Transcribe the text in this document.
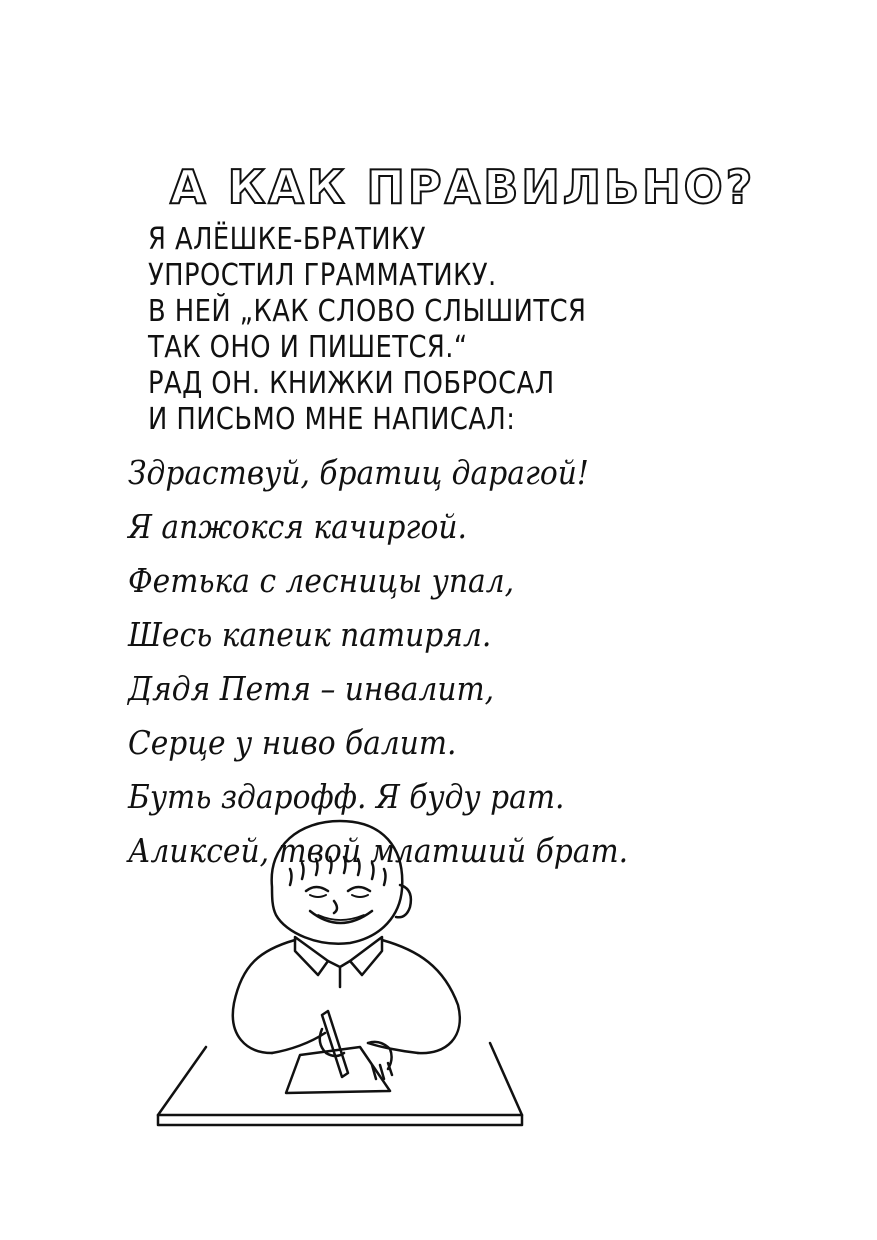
А КАК ПРАВИЛЬНО?
Я АЛЁШКЕ-БРАТИКУ
УПРОСТИЛ ГРАММАТИКУ.
В НЕЙ „КАК СЛОВО СЛЫШИТСЯ
ТАК ОНО И ПИШЕТСЯ.“
РАД ОН. КНИЖКИ ПОБРОСАЛ
И ПИСЬМО МНЕ НАПИСАЛ:
Здраствуй, братиц дарагой!
Я апжокся качиргой.
Фетька с лесницы упал,
Шесь капеик патирял.
Дядя Петя – инвалит,
Серце у ниво балит.
Буть здарофф. Я буду рат.
Аликсей, твой млатший брат.
